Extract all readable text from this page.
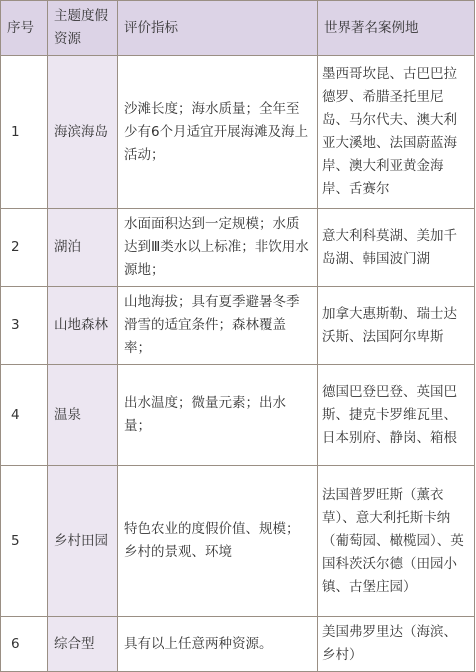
序号	主题度假资源	评价指标	世界著名案例地
1	海滨海岛	沙滩长度；海水质量；全年至少有6个月适宜开展海滩及海上活动；	墨西哥坎昆、古巴巴拉德罗、希腊圣托里尼岛、马尔代夫、澳大利亚大溪地、法国蔚蓝海岸、澳大利亚黄金海岸、舌赛尔
2	湖泊	水面面积达到一定规模；水质达到Ⅲ类水以上标准；非饮用水源地；	意大利科莫湖、美加千岛湖、韩国波门湖
3	山地森林	山地海拔；具有夏季避暑冬季滑雪的适宜条件；森林覆盖率；	加拿大惠斯勒、瑞士达沃斯、法国阿尔卑斯
4	温泉	出水温度；微量元素；出水量；	德国巴登巴登、英国巴斯、捷克卡罗维瓦里、日本别府、静岗、箱根
5	乡村田园	特色农业的度假价值、规模；乡村的景观、环境	法国普罗旺斯（薰衣草）、意大利托斯卡纳（葡萄园、橄榄园）、英国科茨沃尔德（田园小镇、古堡庄园）
6	综合型	具有以上任意两种资源。	美国弗罗里达（海滨、乡村）
